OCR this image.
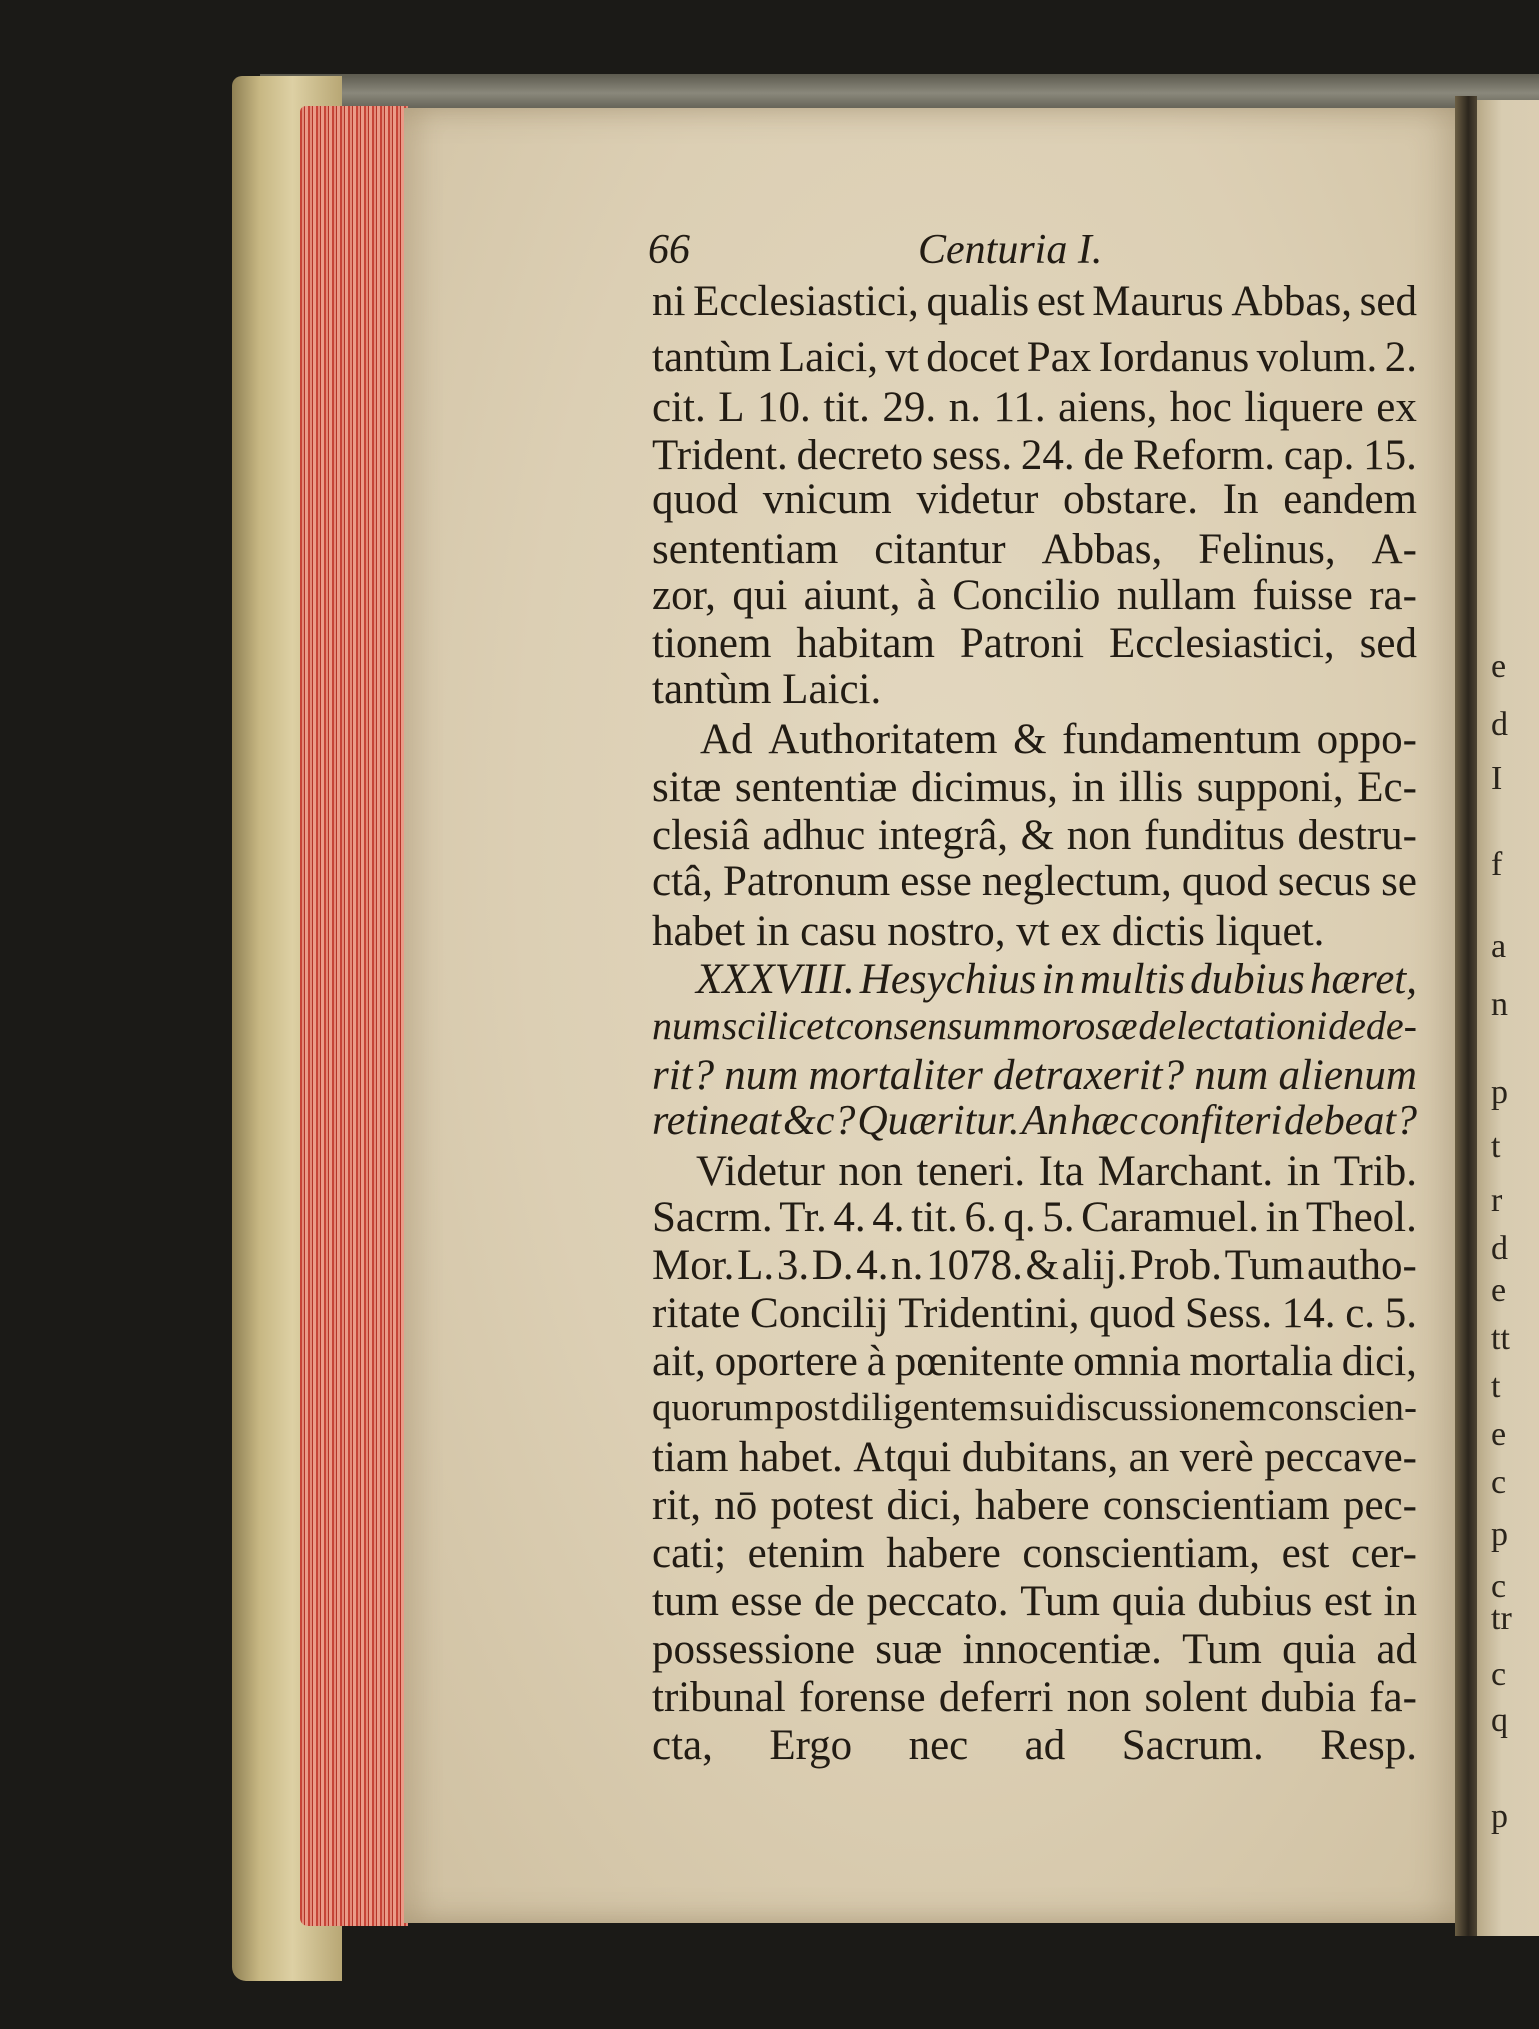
e
d
I
f
a
n
p
t
r
d
e
tt
t
e
c
p
c
tr
c
q
p
66	Centuria I.
ni Ecclesiastici, qualis est Maurus Abbas, sed
tantùm Laici, vt docet Pax Iordanus volum. 2.
cit. L 10. tit. 29. n. 11. aiens, hoc liquere ex
Trident. decreto sess. 24. de Reform. cap. 15.
quod vnicum videtur obstare. In eandem
sententiam citantur Abbas, Felinus, A-
zor, qui aiunt, à Concilio nullam fuisse ra-
tionem habitam Patroni Ecclesiastici, sed
tantùm Laici.
Ad Authoritatem & fundamentum oppo-
sitæ sententiæ dicimus, in illis supponi, Ec-
clesiâ adhuc integrâ, & non funditus destru-
ctâ, Patronum esse neglectum, quod secus se
habet in casu nostro, vt ex dictis liquet.
XXXVIII. Hesychius in multis dubius hæret,
num scilicet consensum morosæ delectationi dede-
rit? num mortaliter detraxerit? num alienum
retineat &c? Quæritur. An hæc confiteri debeat?
Videtur non teneri. Ita Marchant. in Trib.
Sacrm. Tr. 4. 4. tit. 6. q. 5. Caramuel. in Theol.
Mor. L. 3. D. 4. n. 1078. & alij. Prob. Tum autho-
ritate Concilij Tridentini, quod Sess. 14. c. 5.
ait, oportere à pœnitente omnia mortalia dici,
quorum post diligentem sui discussionem conscien-
tiam habet. Atqui dubitans, an verè peccave-
rit, nō potest dici, habere conscientiam pec-
cati; etenim habere conscientiam, est cer-
tum esse de peccato. Tum quia dubius est in
possessione suæ innocentiæ. Tum quia ad
tribunal forense deferri non solent dubia fa-
cta, Ergo nec ad Sacrum. Resp.
